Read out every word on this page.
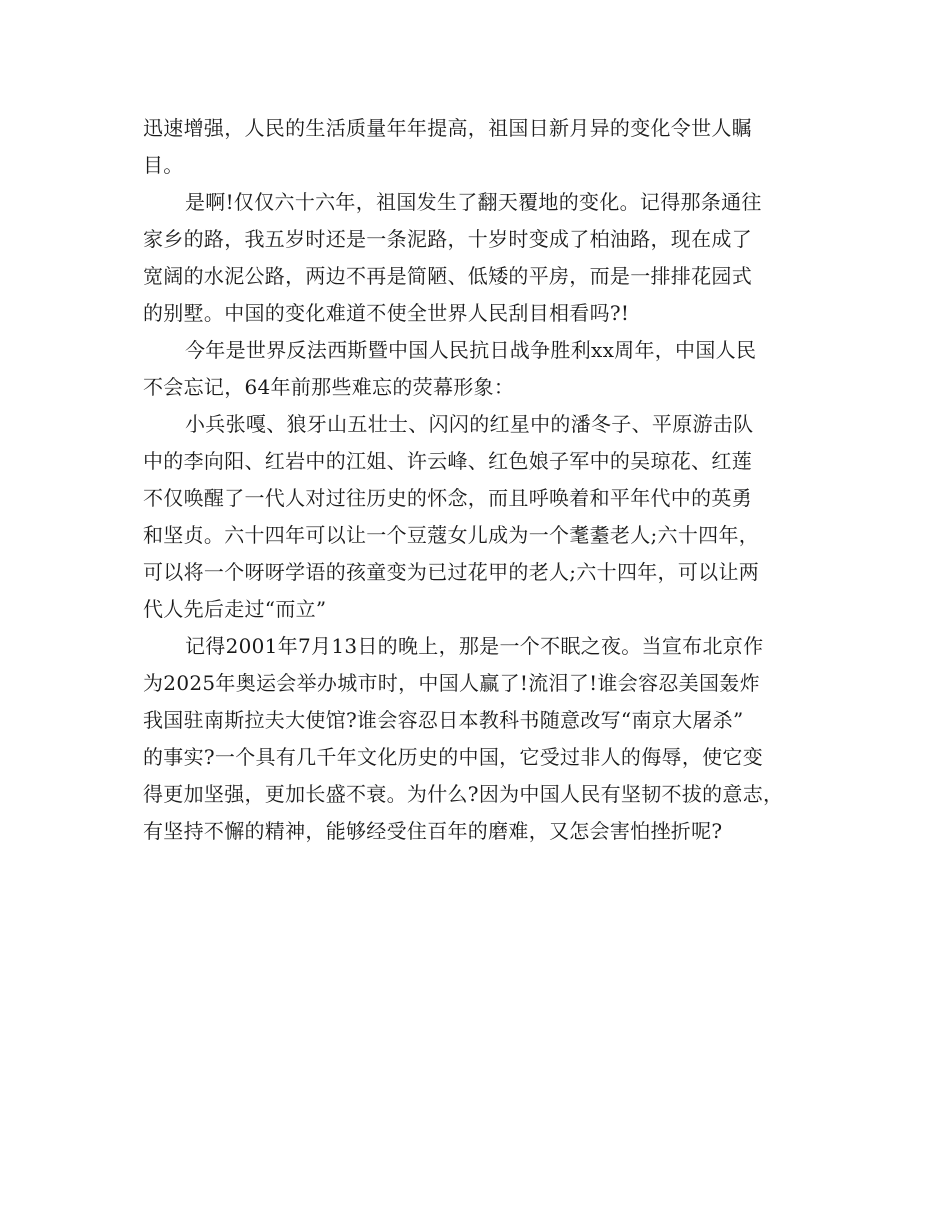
迅速增强，人民的生活质量年年提高，祖国日新月异的变化令世人瞩
目。
是啊!仅仅六十六年，祖国发生了翻天覆地的变化。记得那条通往
家乡的路，我五岁时还是一条泥路，十岁时变成了柏油路，现在成了
宽阔的水泥公路，两边不再是简陋、低矮的平房，而是一排排花园式
的别墅。中国的变化难道不使全世界人民刮目相看吗?!
今年是世界反法西斯暨中国人民抗日战争胜利xx周年，中国人民
不会忘记，64年前那些难忘的荧幕形象：
小兵张嘎、狼牙山五壮士、闪闪的红星中的潘冬子、平原游击队
中的李向阳、红岩中的江姐、许云峰、红色娘子军中的吴琼花、红莲
不仅唤醒了一代人对过往历史的怀念，而且呼唤着和平年代中的英勇
和坚贞。六十四年可以让一个豆蔻女儿成为一个耄耋老人;六十四年，
可以将一个呀呀学语的孩童变为已过花甲的老人;六十四年，可以让两
代人先后走过“而立”
记得2001年7月13日的晚上，那是一个不眠之夜。当宣布北京作
为2025年奥运会举办城市时，中国人赢了!流泪了!谁会容忍美国轰炸
我国驻南斯拉夫大使馆?谁会容忍日本教科书随意改写“南京大屠杀”
的事实?一个具有几千年文化历史的中国，它受过非人的侮辱，使它变
得更加坚强，更加长盛不衰。为什么?因为中国人民有坚韧不拔的意志，
有坚持不懈的精神，能够经受住百年的磨难，又怎会害怕挫折呢?
